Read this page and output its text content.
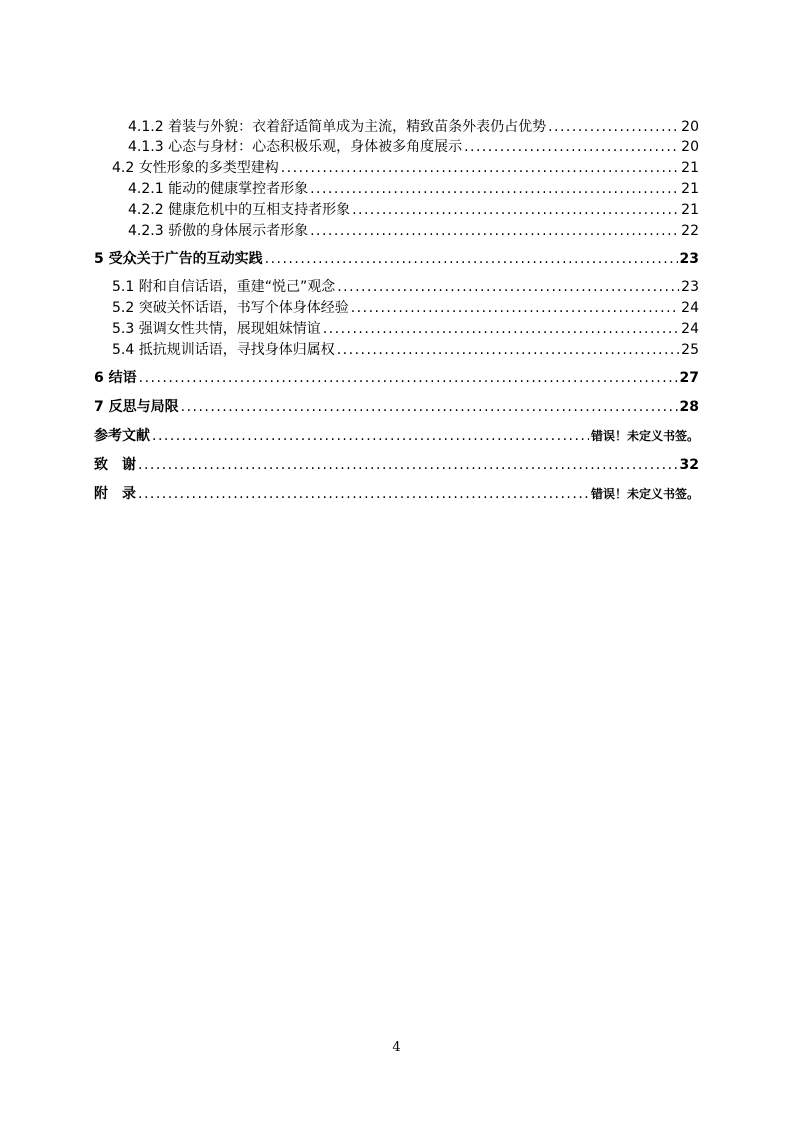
4.1.2 着装与外貌：衣着舒适简单成为主流，精致苗条外表仍占优势 .....	20
4.1.3 心态与身材：心态积极乐观，身体被多角度展示 .....	20
4.2 女性形象的多类型建构 .....	21
4.2.1 能动的健康掌控者形象 .....	21
4.2.2 健康危机中的互相支持者形象 .....	21
4.2.3 骄傲的身体展示者形象 .....	22
5 受众关于广告的互动实践 .....	23
5.1 附和自信话语，重建“悦己”观念 .....	23
5.2 突破关怀话语，书写个体身体经验 .....	24
5.3 强调女性共情，展现姐妹情谊 .....	24
5.4 抵抗规训话语，寻找身体归属权 .....	25
6 结语 .....	27
7 反思与局限 .....	28
参考文献 .....	错误！未定义书签。
致　谢 .....	32
附　录 .....	错误！未定义书签。
4
